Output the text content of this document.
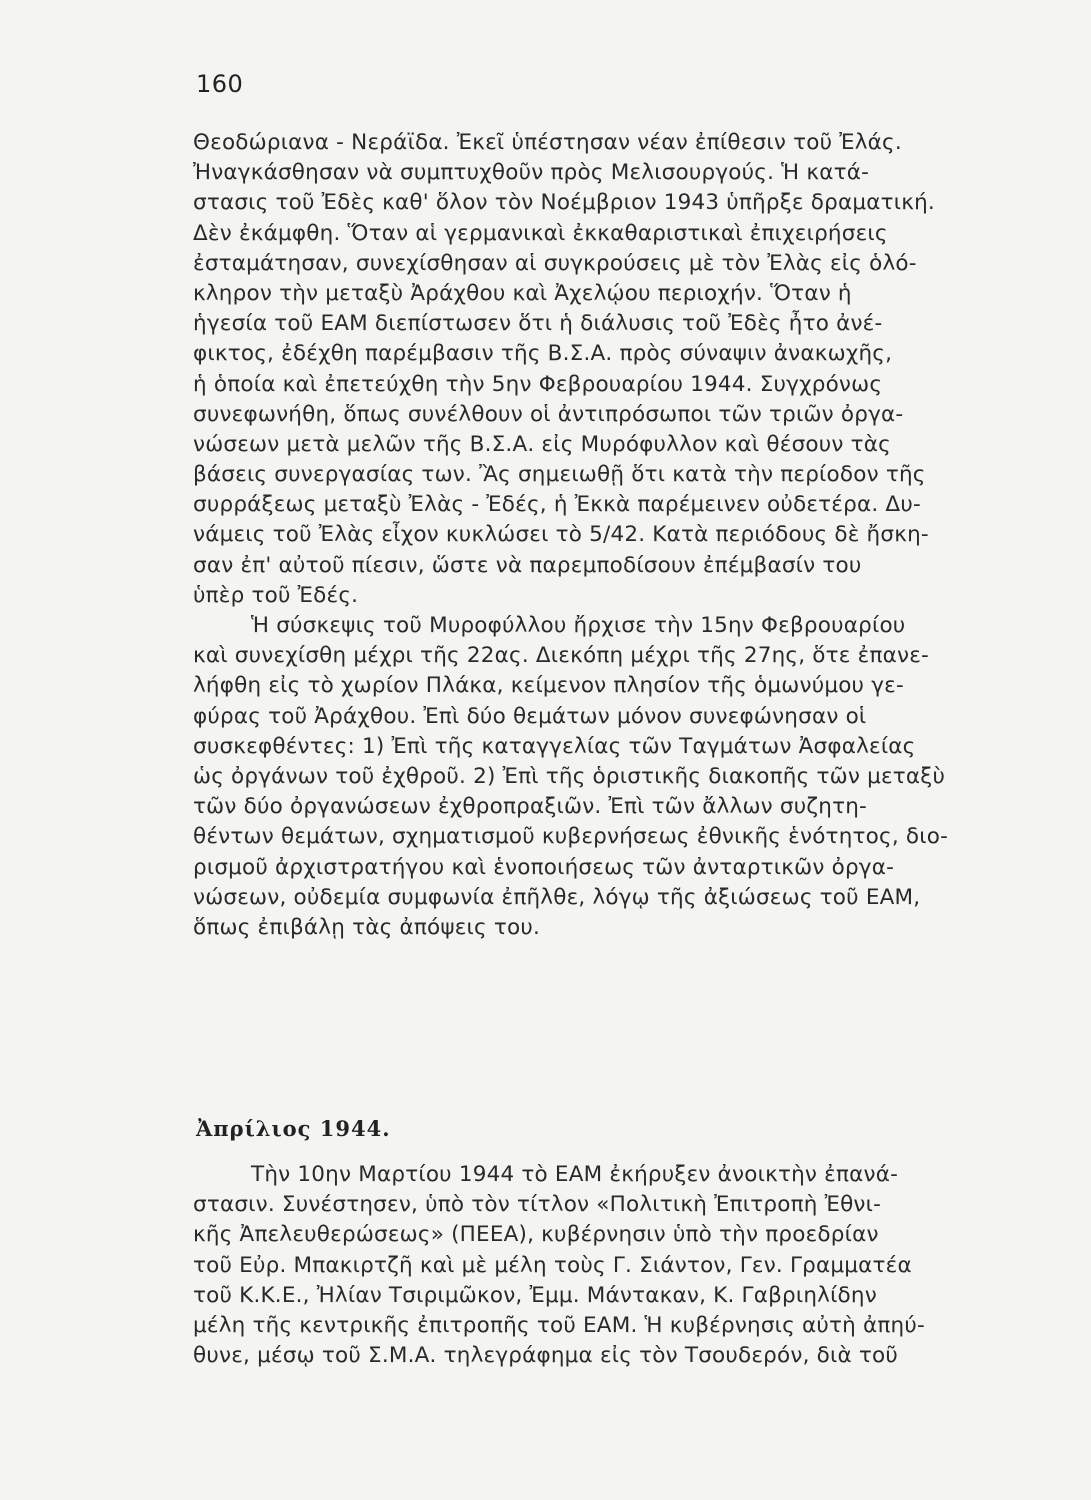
160
Θεοδώριανα - Νεράϊδα. Ἐκεῖ ὑπέστησαν νέαν ἐπίθεσιν τοῦ Ἐλάς.
Ἠναγκάσθησαν νὰ συμπτυχθοῦν πρὸς Μελισουργούς. Ἡ κατά-
στασις τοῦ Ἐδὲς καθ' ὅλον τὸν Νοέμβριον 1943 ὑπῆρξε δραματική.
Δὲν ἐκάμφθη. Ὅταν αἱ γερμανικαὶ ἐκκαθαριστικαὶ ἐπιχειρήσεις
ἐσταμάτησαν, συνεχίσθησαν αἱ συγκρούσεις μὲ τὸν Ἐλὰς εἰς ὁλό-
κληρον τὴν μεταξὺ Ἀράχθου καὶ Ἀχελῴου περιοχήν. Ὅταν ἡ
ἡγεσία τοῦ ΕΑΜ διεπίστωσεν ὅτι ἡ διάλυσις τοῦ Ἐδὲς ἦτο ἀνέ-
φικτος, ἐδέχθη παρέμβασιν τῆς Β.Σ.Α. πρὸς σύναψιν ἀνακωχῆς,
ἡ ὁποία καὶ ἐπετεύχθη τὴν 5ην Φεβρουαρίου 1944. Συγχρόνως
συνεφωνήθη, ὅπως συνέλθουν οἱ ἀντιπρόσωποι τῶν τριῶν ὀργα-
νώσεων μετὰ μελῶν τῆς Β.Σ.Α. εἰς Μυρόφυλλον καὶ θέσουν τὰς
βάσεις συνεργασίας των. Ἂς σημειωθῇ ὅτι κατὰ τὴν περίοδον τῆς
συρράξεως μεταξὺ Ἐλὰς - Ἐδές, ἡ Ἐκκὰ παρέμεινεν οὐδετέρα. Δυ-
νάμεις τοῦ Ἐλὰς εἶχον κυκλώσει τὸ 5/42. Κατὰ περιόδους δὲ ἤσκη-
σαν ἐπ' αὐτοῦ πίεσιν, ὥστε νὰ παρεμποδίσουν ἐπέμβασίν του
ὑπὲρ τοῦ Ἐδές.
Ἡ σύσκεψις τοῦ Μυροφύλλου ἤρχισε τὴν 15ην Φεβρουαρίου
καὶ συνεχίσθη μέχρι τῆς 22ας. Διεκόπη μέχρι τῆς 27ης, ὅτε ἐπανε-
λήφθη εἰς τὸ χωρίον Πλάκα, κείμενον πλησίον τῆς ὁμωνύμου γε-
φύρας τοῦ Ἀράχθου. Ἐπὶ δύο θεμάτων μόνον συνεφώνησαν οἱ
συσκεφθέντες: 1) Ἐπὶ τῆς καταγγελίας τῶν Ταγμάτων Ἀσφαλείας
ὡς ὀργάνων τοῦ ἐχθροῦ. 2) Ἐπὶ τῆς ὁριστικῆς διακοπῆς τῶν μεταξὺ
τῶν δύο ὀργανώσεων ἐχθροπραξιῶν. Ἐπὶ τῶν ἄλλων συζητη-
θέντων θεμάτων, σχηματισμοῦ κυβερνήσεως ἐθνικῆς ἑνότητος, διο-
ρισμοῦ ἀρχιστρατήγου καὶ ἑνοποιήσεως τῶν ἀνταρτικῶν ὀργα-
νώσεων, οὐδεμία συμφωνία ἐπῆλθε, λόγῳ τῆς ἀξιώσεως τοῦ ΕΑΜ,
ὅπως ἐπιβάλῃ τὰς ἀπόψεις του.
Ἀπρίλιος 1944.
Τὴν 10ην Μαρτίου 1944 τὸ ΕΑΜ ἐκήρυξεν ἀνοικτὴν ἐπανά-
στασιν. Συνέστησεν, ὑπὸ τὸν τίτλον «Πολιτικὴ Ἐπιτροπὴ Ἐθνι-
κῆς Ἀπελευθερώσεως» (ΠΕΕΑ), κυβέρνησιν ὑπὸ τὴν προεδρίαν
τοῦ Εὐρ. Μπακιρτζῆ καὶ μὲ μέλη τοὺς Γ. Σιάντον, Γεν. Γραμματέα
τοῦ Κ.Κ.Ε., Ἠλίαν Τσιριμῶκον, Ἐμμ. Μάντακαν, Κ. Γαβριηλίδην
μέλη τῆς κεντρικῆς ἐπιτροπῆς τοῦ ΕΑΜ. Ἡ κυβέρνησις αὐτὴ ἀπηύ-
θυνε, μέσῳ τοῦ Σ.Μ.Α. τηλεγράφημα εἰς τὸν Τσουδερόν, διὰ τοῦ
